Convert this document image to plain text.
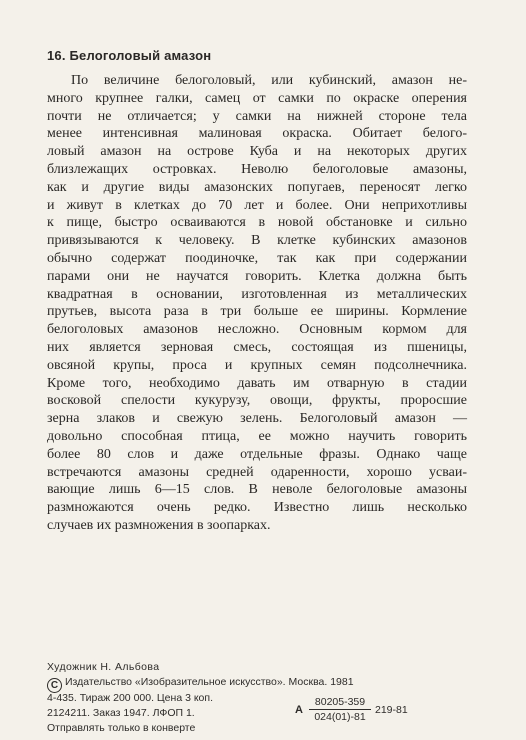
16. Белоголовый амазон
По величине белоголовый, или кубинский, амазон не-
много крупнее галки, самец от самки по окраске оперения
почти не отличается; у самки на нижней стороне тела
менее интенсивная малиновая окраска. Обитает белого-
ловый амазон на острове Куба и на некоторых других
близлежащих островках. Неволю белоголовые амазоны,
как и другие виды амазонских попугаев, переносят легко
и живут в клетках до 70 лет и более. Они неприхотливы
к пище, быстро осваиваются в новой обстановке и сильно
привязываются к человеку. В клетке кубинских амазонов
обычно содержат поодиночке, так как при содержании
парами они не научатся говорить. Клетка должна быть
квадратная в основании, изготовленная из металлических
прутьев, высота раза в три больше ее ширины. Кормление
белоголовых амазонов несложно. Основным кормом для
них является зерновая смесь, состоящая из пшеницы,
овсяной крупы, проса и крупных семян подсолнечника.
Кроме того, необходимо давать им отварную в стадии
восковой спелости кукурузу, овощи, фрукты, проросшие
зерна злаков и свежую зелень. Белоголовый амазон —
довольно способная птица, ее можно научить говорить
более 80 слов и даже отдельные фразы. Однако чаще
встречаются амазоны средней одаренности, хорошо усваи-
вающие лишь 6—15 слов. В неволе белоголовые амазоны
размножаются очень редко. Известно лишь несколько
случаев их размножения в зоопарках.
Художник Н. Альбова
С Издательство «Изобразительное искусство». Москва. 1981
4-435. Тираж 200 000. Цена 3 коп.
2124211. Заказ 1947. ЛФОП 1.
Отправлять только в конверте
А $\frac{80205-359}{024(01)-81} 219-81$
